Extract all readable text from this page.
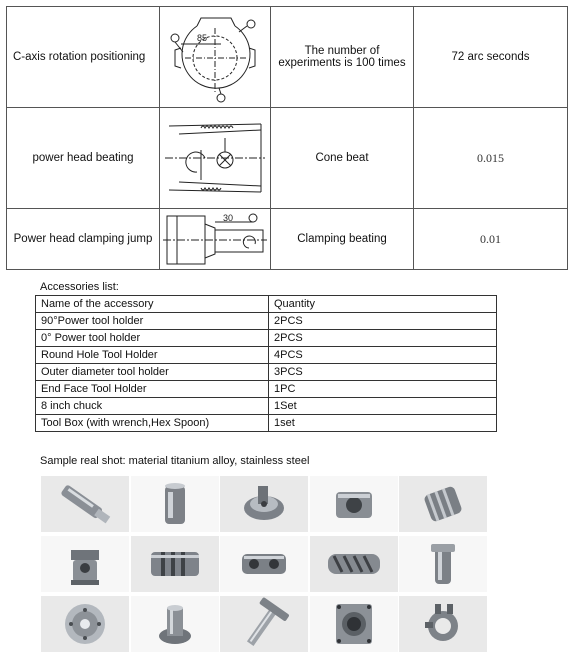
C-axis rotation positioning	85	The number of experiments is 100 times	72 arc seconds
power head beating		Cone beat	0.015
Power head clamping jump	30	Clamping beating	0.01
Accessories list:
Name of the accessory	Quantity
90°Power tool holder	2PCS
0° Power tool holder	2PCS
Round Hole Tool Holder	4PCS
Outer diameter tool holder	3PCS
End Face Tool Holder	1PC
8 inch chuck	1Set
Tool Box (with wrench,Hex Spoon)	1set
Sample real shot: material titanium alloy, stainless steel
